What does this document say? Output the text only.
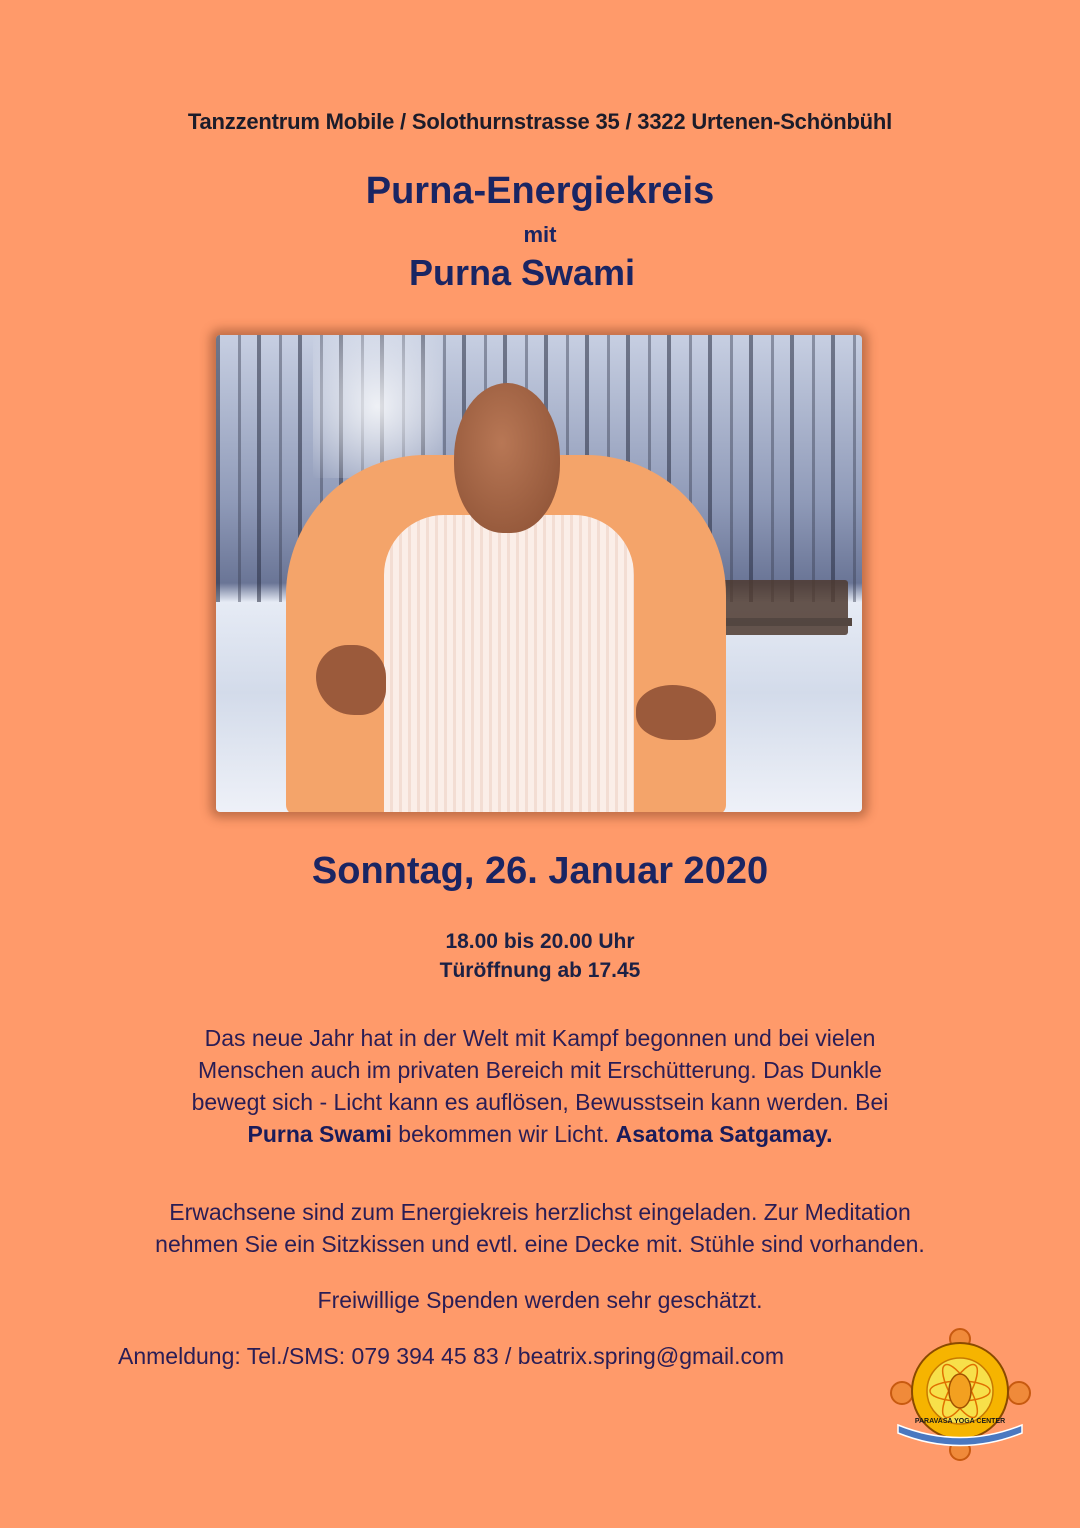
Tanzzentrum Mobile / Solothurnstrasse 35 / 3322 Urtenen-Schönbühl
Purna-Energiekreis
mit
Purna Swami
Sonntag, 26. Januar 2020
18.00 bis 20.00 Uhr
Türöffnung ab 17.45
Das neue Jahr hat in der Welt mit Kampf begonnen und bei vielen
Menschen auch im privaten Bereich mit Erschütterung. Das Dunkle
bewegt sich - Licht kann es auflösen, Bewusstsein kann werden. Bei
Purna Swami bekommen wir Licht. Asatoma Satgamay.
Erwachsene sind zum Energiekreis herzlichst eingeladen. Zur Meditation
nehmen Sie ein Sitzkissen und evtl. eine Decke mit. Stühle sind vorhanden.
Freiwillige Spenden werden sehr geschätzt.
Anmeldung: Tel./SMS: 079 394 45 83 / beatrix.spring@gmail.com
PARAVASA YOGA CENTER
